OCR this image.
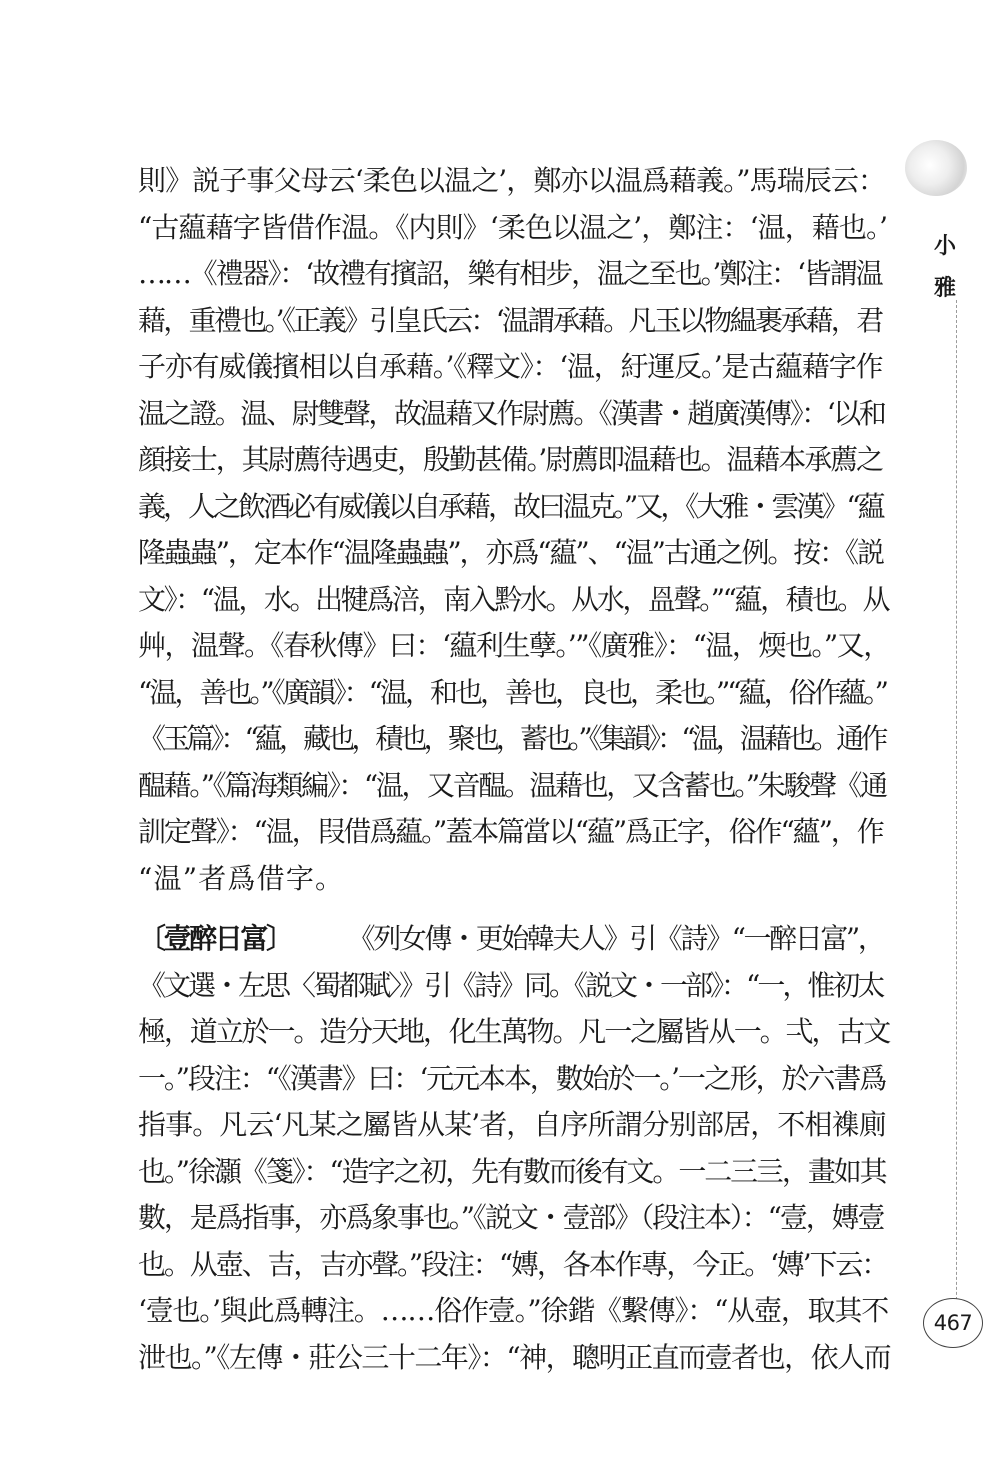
小
雅
則》説子事父母云‘柔色以温之’，鄭亦以温爲藉義。”馬瑞辰云：
“古藴藉字皆借作温。《内則》‘柔色以温之’，鄭注：‘温，藉也。’
……《禮器》：‘故禮有擯詔，樂有相步，温之至也。’鄭注：‘皆謂温
藉，重禮也。’《正義》引皇氏云：‘温謂承藉。凡玉以物緼裹承藉，君
子亦有威儀擯相以自承藉。’《釋文》：‘温，紆運反。’是古藴藉字作
温之證。温、尉雙聲，故温藉又作尉薦。《漢書・趙廣漢傳》：‘以和
顔接士，其尉薦待遇吏，殷勤甚備。’尉薦即温藉也。温藉本承薦之
義，人之飲酒必有威儀以自承藉，故曰温克。”又，《大雅・雲漢》“藴
隆蟲蟲”，定本作“温隆蟲蟲”，亦爲“藴”、“温”古通之例。按：《説
文》：“温，水。出犍爲涪，南入黔水。从水，𥁕聲。”“藴，積也。从
艸，温聲。《春秋傳》曰：‘藴利生孽。’”《廣雅》：“温，煗也。”又，
“温，善也。”《廣韻》：“温，和也，善也，良也，柔也。”“藴，俗作蘊。”
《玉篇》：“藴，藏也，積也，聚也，蓄也。”《集韻》：“温，温藉也。通作
醖藉。”《篇海類編》：“温，又音醖。温藉也，又含蓄也。”朱駿聲《通
訓定聲》：“温，叚借爲藴。”蓋本篇當以“藴”爲正字，俗作“蘊”，作
“温”者爲借字。
〔壹醉日富〕 《列女傳・更始韓夫人》引《詩》“一醉日富”，
《文選・左思〈蜀都賦〉》引《詩》同。《説文・一部》：“一，惟初太
極，道立於一。造分天地，化生萬物。凡一之屬皆从一。弌，古文
一。”段注：“《漢書》曰：‘元元本本，數始於一。’一之形，於六書爲
指事。凡云‘凡某之屬皆从某’者，自序所謂分别部居，不相襍廁
也。”徐灝《箋》：“造字之初，先有數而後有文。一二三亖，畫如其
數，是爲指事，亦爲象事也。”《説文・壹部》（段注本）：“壹，嫥壹
也。从壺、吉，吉亦聲。”段注：“嫥，各本作專，今正。‘嫥’下云：
‘壹也。’與此爲轉注。……俗作壹。”徐鍇《繫傳》：“从壺，取其不
泄也。”《左傳・莊公三十二年》：“神，聰明正直而壹者也，依人而
467
